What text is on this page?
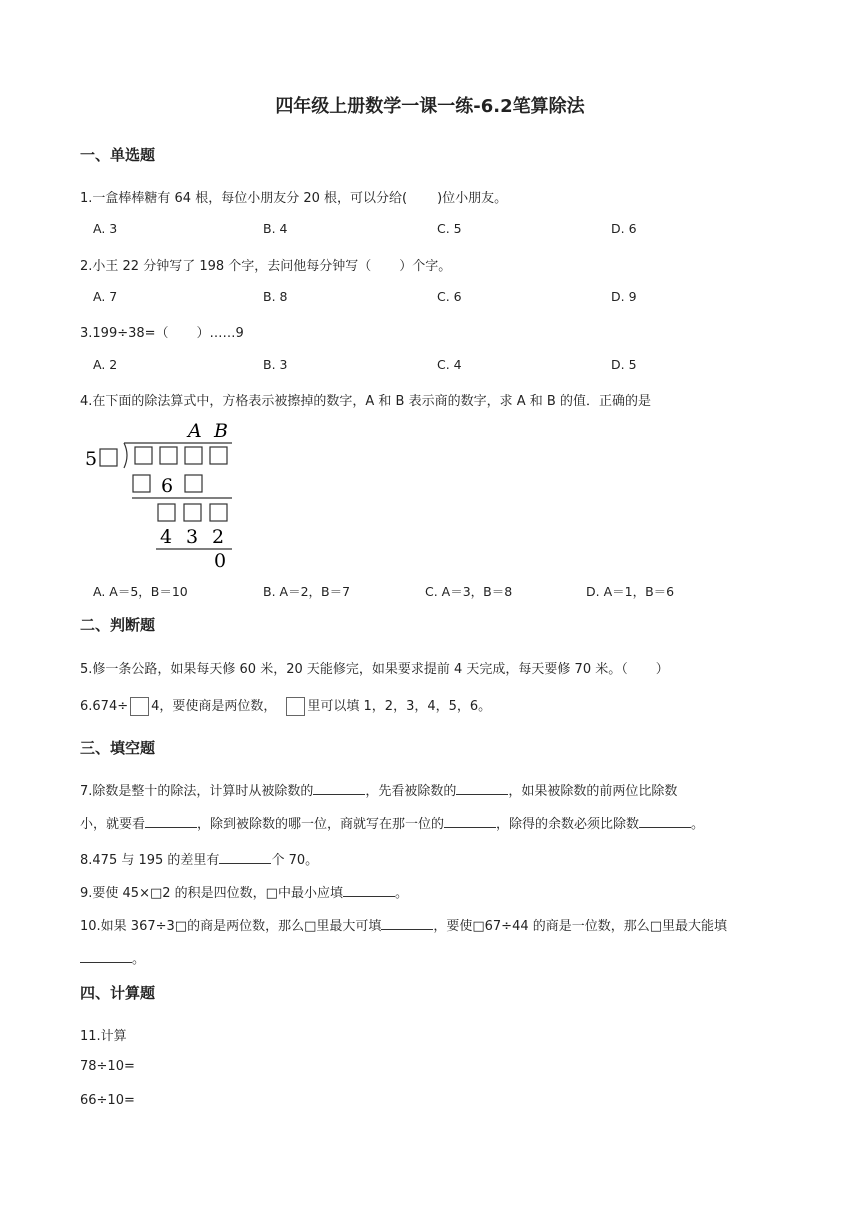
四年级上册数学一课一练-6.2笔算除法
一、单选题
1.一盒棒棒糖有 64 根，每位小朋友分 20 根，可以分给( )位小朋友。
A. 3	B. 4	C. 5	D. 6
2.小王 22 分钟写了 198 个字，去问他每分钟写（ ）个字。
A. 7	B. 8	C. 6	D. 9
3.199÷38=（ ）……9
A. 2	B. 3	C. 4	D. 5
4.在下面的除法算式中，方格表示被擦掉的数字，A 和 B 表示商的数字，求 A 和 B 的值．正确的是
A B
5
6
4 3 2
0
A. A＝5，B＝10	B. A＝2，B＝7	C. A＝3，B＝8	D. A＝1，B＝6
二、判断题
5.修一条公路，如果每天修 60 米，20 天能修完，如果要求提前 4 天完成，每天要修 70 米。（ ）
6.674÷ 4，要使商是两位数， 里可以填 1，2，3，4，5，6。
三、填空题
7.除数是整十的除法，计算时从被除数的	，先看被除数的	，如果被除数的前两位比除数
小，就要看	，除到被除数的哪一位，商就写在那一位的	，除得的余数必须比除数	。
8.475 与 195 的差里有	个 70。
9.要使 45×□2 的积是四位数，□中最小应填	。
10.如果 367÷3□的商是两位数，那么□里最大可填	，要使□67÷44 的商是一位数，那么□里最大能填
。
四、计算题
11.计算
78÷10=
66÷10=
